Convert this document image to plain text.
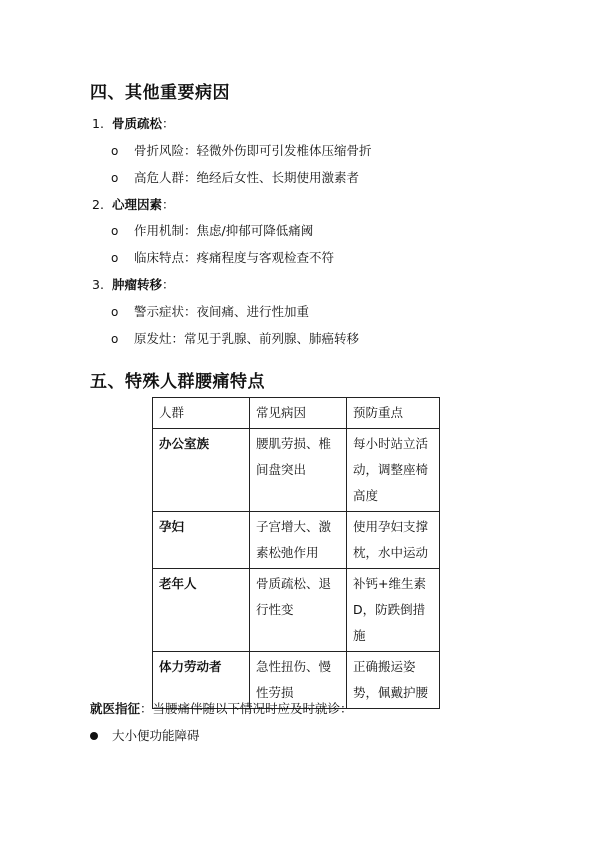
四、其他重要病因
1. 骨质疏松：
o 骨折风险：轻微外伤即可引发椎体压缩骨折
o 高危人群：绝经后女性、长期使用激素者
2. 心理因素：
o 作用机制：焦虑/抑郁可降低痛阈
o 临床特点：疼痛程度与客观检查不符
3. 肿瘤转移：
o 警示症状：夜间痛、进行性加重
o 原发灶：常见于乳腺、前列腺、肺癌转移
五、特殊人群腰痛特点
人群	常见病因	预防重点
办公室族	腰肌劳损、椎间盘突出	每小时站立活动，调整座椅高度
孕妇	子宫增大、激素松弛作用	使用孕妇支撑枕，水中运动
老年人	骨质疏松、退行性变	补钙+维生素D，防跌倒措施
体力劳动者	急性扭伤、慢性劳损	正确搬运姿势，佩戴护腰
就医指征：当腰痛伴随以下情况时应及时就诊：
大小便功能障碍
